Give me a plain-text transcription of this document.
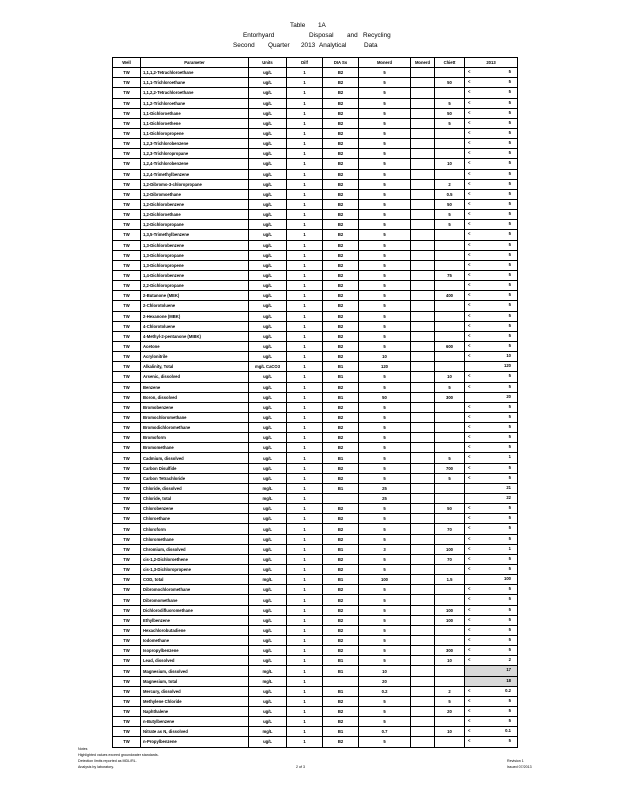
Table 1A
Entorhyard	Disposal and Recycling
Second Quarter 2013 Analytical	Data
Well	Parameter	Units	Dilf	DIA Ss	Monerd	Monerd	Chiett	2013
TW	1,1,1,2-Tetrachloroethane	ug/L	1	B2	5			< 5

TW	1,1,1-Trichloroethane	ug/L	1	B2	5		50	< 5

TW	1,1,2,2-Tetrachloroethane	ug/L	1	B2	5			< 5

TW	1,1,2-Trichloroethane	ug/L	1	B2	5		5	< 5

TW	1,1-Dichloroethane	ug/L	1	B2	5		50	< 5

TW	1,1-Dichloroethene	ug/L	1	B2	5		5	< 5

TW	1,1-Dichloropropene	ug/L	1	B2	5			< 5

TW	1,2,3-Trichlorobenzene	ug/L	1	B2	5			< 5

TW	1,2,3-Trichloropropane	ug/L	1	B2	5			< 5

TW	1,2,4-Trichlorobenzene	ug/L	1	B2	5		10	< 5

TW	1,2,4-Trimethylbenzene	ug/L	1	B2	5			< 5

TW	1,2-Dibromo-3-chloropropane	ug/L	1	B2	5		2	< 5

TW	1,2-Dibromoethane	ug/L	1	B2	5		0.5	< 5

TW	1,2-Dichlorobenzene	ug/L	1	B2	5		50	< 5

TW	1,2-Dichloroethane	ug/L	1	B2	5		5	< 5

TW	1,2-Dichloropropane	ug/L	1	B2	5		5	< 5

TW	1,3,5-Trimethylbenzene	ug/L	1	B2	5			< 5

TW	1,3-Dichlorobenzene	ug/L	1	B2	5			< 5

TW	1,3-Dichloropropane	ug/L	1	B2	5			< 5

TW	1,3-Dichloropropene	ug/L	1	B2	5			< 5

TW	1,4-Dichlorobenzene	ug/L	1	B2	5		75	< 5

TW	2,2-Dichloropropane	ug/L	1	B2	5			< 5

TW	2-Butanone (MEK)	ug/L	1	B2	5		400	< 5

TW	2-Chlorotoluene	ug/L	1	B2	5			< 5

TW	2-Hexanone (MBK)	ug/L	1	B2	5			< 5

TW	4-Chlorotoluene	ug/L	1	B2	5			< 5

TW	4-Methyl-2-pentanone (MIBK)	ug/L	1	B2	5			< 5

TW	Acetone	ug/L	1	B2	5		600	< 5

TW	Acrylonitrile	ug/L	1	B2	10			< 10

TW	Alkalinity, Total	mg/L CaCO3	1	B1	120			120

TW	Arsenic, dissolved	ug/L	1	B1	5		10	< 5

TW	Benzene	ug/L	1	B2	5		5	< 5

TW	Boron, dissolved	ug/L	1	B1	50		300	20

TW	Bromobenzene	ug/L	1	B2	5			< 5

TW	Bromochloromethane	ug/L	1	B2	5			< 5

TW	Bromodichloromethane	ug/L	1	B2	5			< 5

TW	Bromoform	ug/L	1	B2	5			< 5

TW	Bromomethane	ug/L	1	B2	5			< 5

TW	Cadmium, dissolved	ug/L	1	B1	5		5	< 1

TW	Carbon Disulfide	ug/L	1	B2	5		700	< 5

TW	Carbon Tetrachloride	ug/L	1	B2	5		5	< 5

TW	Chloride, dissolved	mg/L	1	B1	25			21

TW	Chloride, total	mg/L	1		25			22

TW	Chlorobenzene	ug/L	1	B2	5		50	< 5

TW	Chloroethane	ug/L	1	B2	5			< 5

TW	Chloroform	ug/L	1	B2	5		70	< 5

TW	Chloromethane	ug/L	1	B2	5			< 5

TW	Chromium, dissolved	ug/L	1	B1	3		100	< 1

TW	cis-1,2-Dichloroethene	ug/L	1	B2	5		70	< 5

TW	cis-1,3-Dichloropropene	ug/L	1	B2	5			< 5

TW	COD, total	mg/L	1	B1	100		1.5	100

TW	Dibromochloromethane	ug/L	1	B2	5			< 5

TW	Dibromomethane	ug/L	1	B2	5			< 5

TW	Dichlorodifluoromethane	ug/L	1	B2	5		100	< 5

TW	Ethylbenzene	ug/L	1	B2	5		100	< 5

TW	Hexachlorobutadiene	ug/L	1	B2	5			< 5

TW	Iodomethane	ug/L	1	B2	5			< 5

TW	Isopropylbenzene	ug/L	1	B2	5		300	< 5

TW	Lead, dissolved	ug/L	1	B1	5		10	< 2

TW	Magnesium, dissolved	mg/L	1	B1	10			17

TW	Magnesium, total	mg/L	1		20			18

TW	Mercury, dissolved	ug/L	1	B1	0.2		2	< 0.2

TW	Methylene Chloride	ug/L	1	B2	5		5	< 5

TW	Naphthalene	ug/L	1	B2	5		20	< 5

TW	n-Butylbenzene	ug/L	1	B2	5			< 5

TW	Nitrate as N, dissolved	mg/L	1	B1	0.7		10	< 0.1

TW	n-Propylbenzene	ug/L	1	B2	5			< 5
Notes
Highlighted values exceed groundwater standards.
Detection limits reported as MDL/RL.
Analysis by laboratory.	2 of 3
Revision 1
Issued 07/2013
